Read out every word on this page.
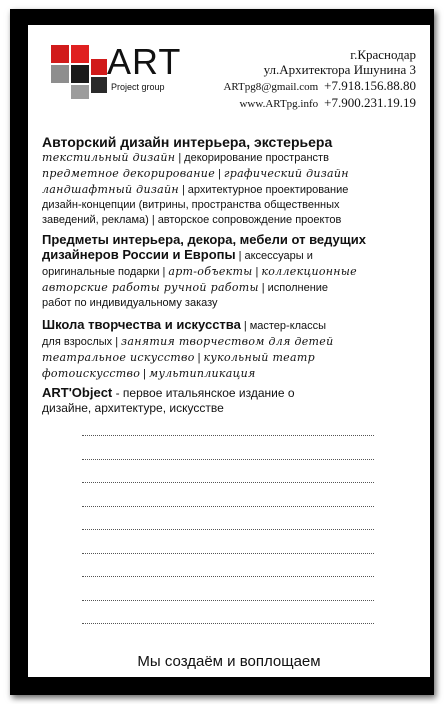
ART
Project group
г.Краснодар
ул.Архитектора Ишунина 3
ARTpg8@gmail.com +7.918.156.88.80
www.ARTpg.info +7.900.231.19.19
Авторский дизайн интерьера, экстерьера
текстильный дизайн | декорирование пространств
предметное декорирование | графический дизайн
ландшафтный дизайн | архитектурное проектирование
дизайн-концепции (витрины, пространства общественных
заведений, реклама) | авторское сопровождение проектов
Предметы интерьера, декора, мебели от ведущих
дизайнеров России и Европы | аксессуары и
оригинальные подарки | арт-объекты | коллекционные
авторские работы ручной работы | исполнение
работ по индивидуальному заказу
Школа творчества и искусства | мастер-классы
для взрослых | занятия творчеством для детей
театральное искусство | кукольный театр
фотоискусство | мультипликация
ART'Object - первое итальянское издание о
дизайне, архитектуре, искусстве
Мы создаём и воплощаем
